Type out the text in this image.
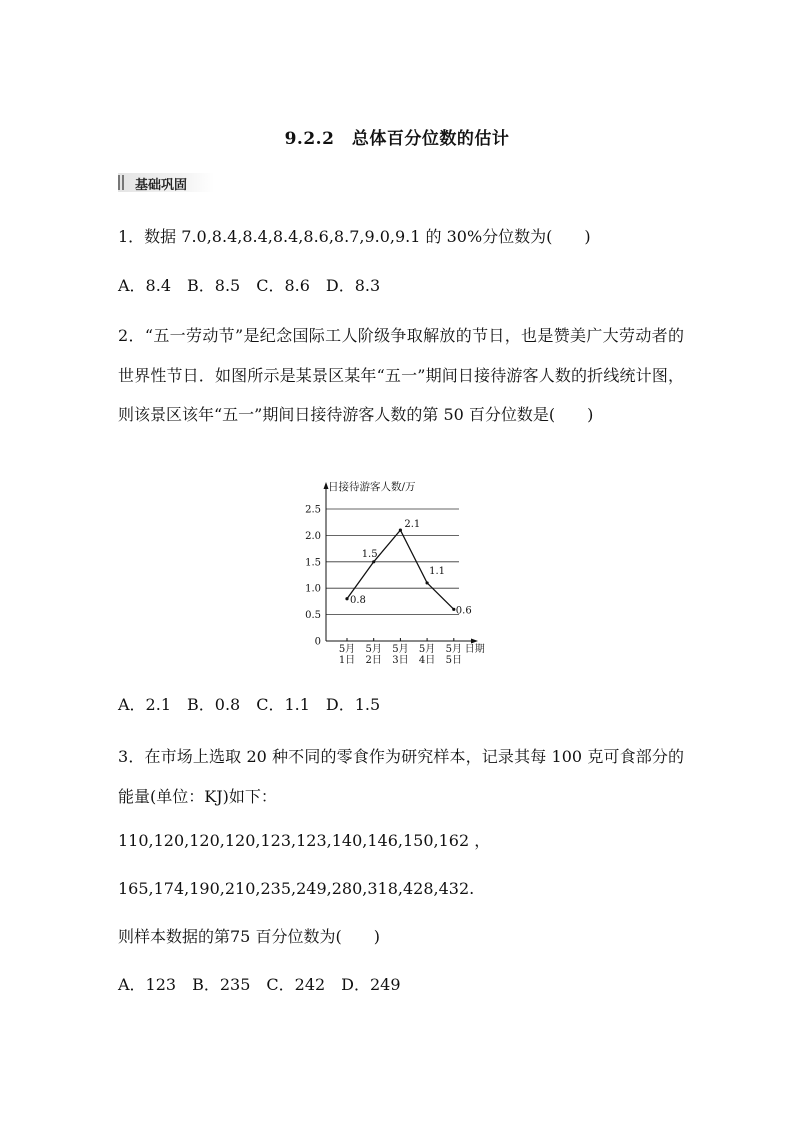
9.2.2　总体百分位数的估计
基础巩固
1．数据 7.0,8.4,8.4,8.4,8.6,8.7,9.0,9.1 的 30%分位数为(　　)
A．8.4　B．8.5　C．8.6　D．8.3
2．“五一劳动节”是纪念国际工人阶级争取解放的节日，也是赞美广大劳动者的世界性节日．如图所示是某景区某年“五一”期间日接待游客人数的折线统计图，则该景区该年“五一”期间日接待游客人数的第 50 百分位数是(　　)
日接待游客人数/万
0
0.5
1.0
1.5
2.0
2.5
5月
1日
5月
2日
5月
3日
5月
4日
5月
5日
日期
0.8
1.5
2.1
1.1
0.6
A．2.1　B．0.8　C．1.1　D．1.5
3．在市场上选取 20 种不同的零食作为研究样本，记录其每 100 克可食部分的能量(单位：KJ)如下：
110,120,120,120,123,123,140,146,150,162 ，
165,174,190,210,235,249,280,318,428,432.
则样本数据的第75 百分位数为(　　)
A．123　B．235　C．242　D．249
